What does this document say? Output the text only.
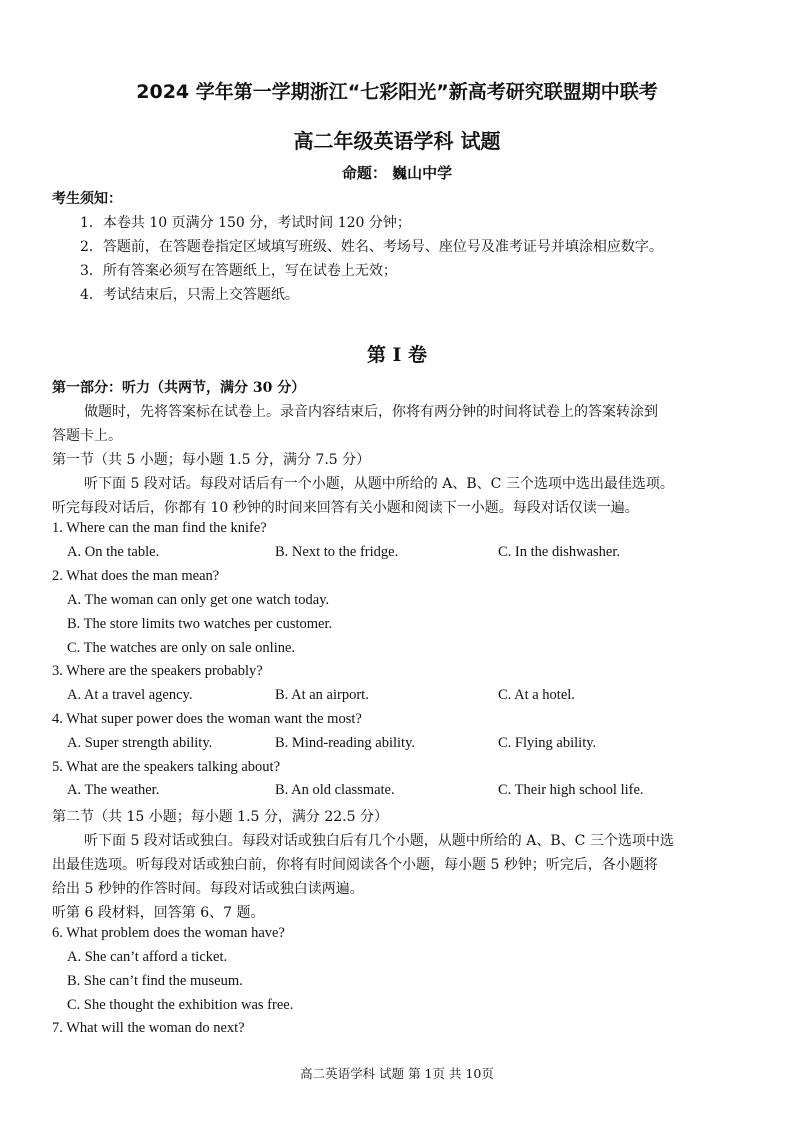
2024 学年第一学期浙江“七彩阳光”新高考研究联盟期中联考
高二年级英语学科 试题
命题： 巍山中学
考生须知：
1．本卷共 10 页满分 150 分，考试时间 120 分钟；
2．答题前，在答题卷指定区域填写班级、姓名、考场号、座位号及准考证号并填涂相应数字。
3．所有答案必须写在答题纸上，写在试卷上无效；
4．考试结束后，只需上交答题纸。
第 I 卷
第一部分：听力（共两节，满分 30 分）
做题时，先将答案标在试卷上。录音内容结束后，你将有两分钟的时间将试卷上的答案转涂到
答题卡上。
第一节（共 5 小题；每小题 1.5 分，满分 7.5 分）
听下面 5 段对话。每段对话后有一个小题，从题中所给的 A、B、C 三个选项中选出最佳选项。
听完每段对话后，你都有 10 秒钟的时间来回答有关小题和阅读下一小题。每段对话仅读一遍。
1. Where can the man find the knife?
A. On the table.	B. Next to the fridge.	C. In the dishwasher.
2. What does the man mean?
A. The woman can only get one watch today.
B. The store limits two watches per customer.
C. The watches are only on sale online.
3. Where are the speakers probably?
A. At a travel agency.	B. At an airport.	C. At a hotel.
4. What super power does the woman want the most?
A. Super strength ability.	B. Mind-reading ability.	C. Flying ability.
5. What are the speakers talking about?
A. The weather.	B. An old classmate.	C. Their high school life.
第二节（共 15 小题；每小题 1.5 分，满分 22.5 分）
听下面 5 段对话或独白。每段对话或独白后有几个小题，从题中所给的 A、B、C 三个选项中选
出最佳选项。听每段对话或独白前，你将有时间阅读各个小题，每小题 5 秒钟；听完后，各小题将
给出 5 秒钟的作答时间。每段对话或独白读两遍。
听第 6 段材料，回答第 6、7 题。
6. What problem does the woman have?
A. She can’t afford a ticket.
B. She can’t find the museum.
C. She thought the exhibition was free.
7. What will the woman do next?
高二英语学科 试题 第 1页 共 10页
